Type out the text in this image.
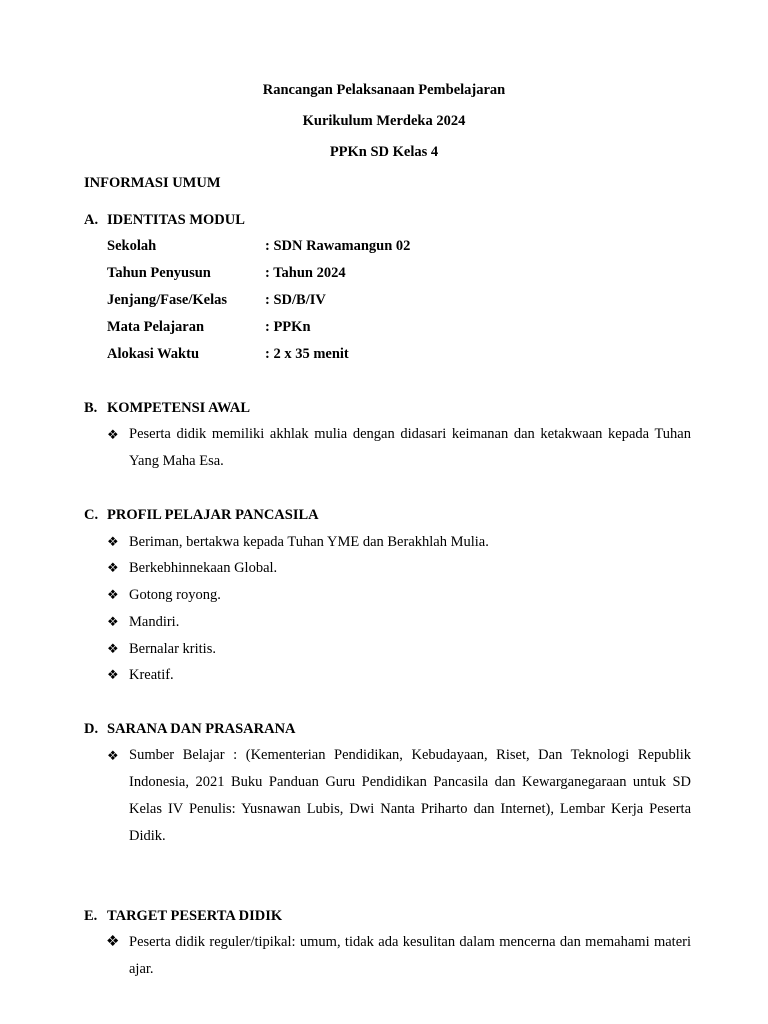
Rancangan Pelaksanaan Pembelajaran
Kurikulum Merdeka 2024
PPKn SD Kelas 4
INFORMASI UMUM
A. IDENTITAS MODUL
Sekolah	: SDN Rawamangun 02
Tahun Penyusun	: Tahun 2024
Jenjang/Fase/Kelas	: SD/B/IV
Mata Pelajaran	: PPKn
Alokasi Waktu	: 2 x 35 menit
B. KOMPETENSI AWAL
❖ Peserta didik memiliki akhlak mulia dengan didasari keimanan dan ketakwaan kepada Tuhan Yang Maha Esa.
C. PROFIL PELAJAR PANCASILA
❖ Beriman, bertakwa kepada Tuhan YME dan Berakhlah Mulia.
❖ Berkebhinnekaan Global.
❖ Gotong royong.
❖ Mandiri.
❖ Bernalar kritis.
❖ Kreatif.
D. SARANA DAN PRASARANA
❖ Sumber Belajar : (Kementerian Pendidikan, Kebudayaan, Riset, Dan Teknologi Republik Indonesia, 2021 Buku Panduan Guru Pendidikan Pancasila dan Kewarganegaraan untuk SD Kelas IV Penulis: Yusnawan Lubis, Dwi Nanta Priharto dan Internet), Lembar Kerja Peserta Didik.
E. TARGET PESERTA DIDIK
❖ Peserta didik reguler/tipikal: umum, tidak ada kesulitan dalam mencerna dan memahami materi ajar.
